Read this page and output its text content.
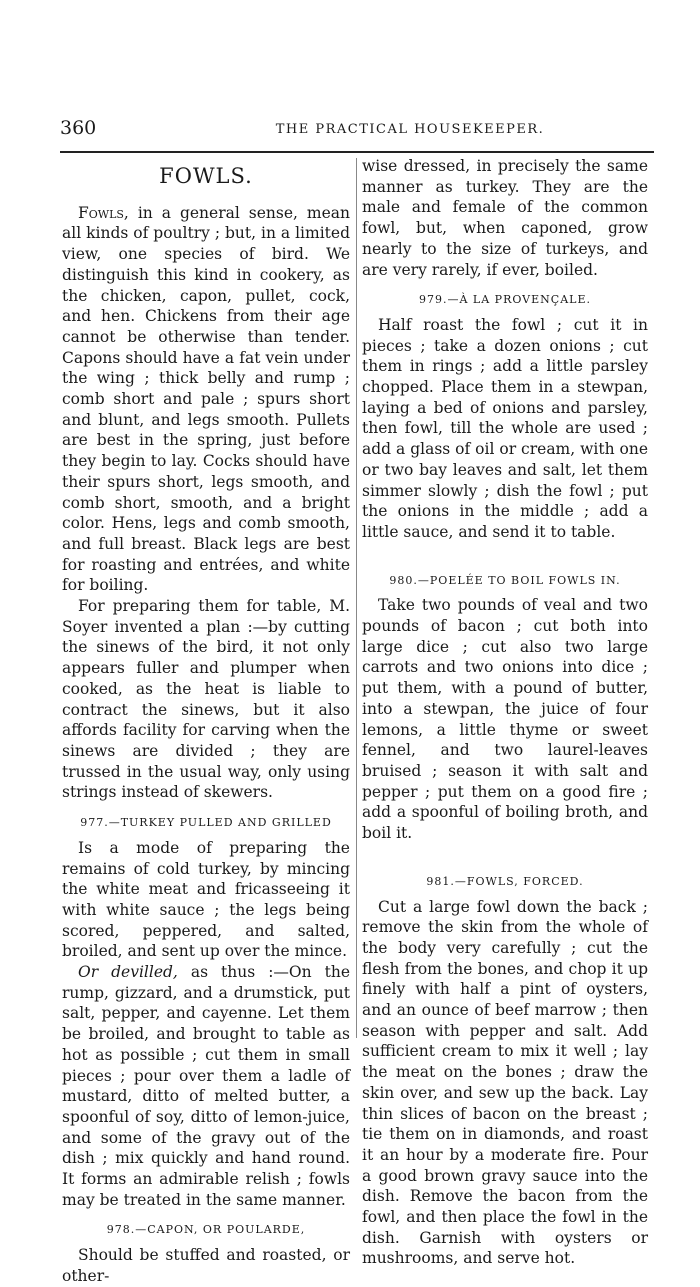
360	THE PRACTICAL HOUSEKEEPER.
FOWLS.

Fowls, in a general sense, mean all kinds of poultry ; but, in a limited view, one species of bird. We distinguish this kind in cookery, as the chicken, capon, pullet, cock, and hen. Chickens from their age cannot be otherwise than tender. Capons should have a fat vein under the wing ; thick belly and rump ; comb short and pale ; spurs short and blunt, and legs smooth. Pullets are best in the spring, just before they begin to lay. Cocks should have their spurs short, legs smooth, and comb short, smooth, and a bright color. Hens, legs and comb smooth, and full breast. Black legs are best for roasting and entrées, and white for boiling.

For preparing them for table, M. Soyer invented a plan :—by cutting the sinews of the bird, it not only appears fuller and plumper when cooked, as the heat is liable to contract the sinews, but it also affords facility for carving when the sinews are divided ; they are trussed in the usual way, only using strings instead of skewers.

977.—TURKEY PULLED AND GRILLED

Is a mode of preparing the remains of cold turkey, by mincing the white meat and fricasseeing it with white sauce ; the legs being scored, peppered, and salted, broiled, and sent up over the mince.

Or devilled, as thus :—On the rump, gizzard, and a drumstick, put salt, pepper, and cayenne. Let them be broiled, and brought to table as hot as possible ; cut them in small pieces ; pour over them a ladle of mustard, ditto of melted butter, a spoonful of soy, ditto of lemon-juice, and some of the gravy out of the dish ; mix quickly and hand round. It forms an admirable relish ; fowls may be treated in the same manner.

978.—CAPON, OR POULARDE,

Should be stuffed and roasted, or other-

wise dressed, in precisely the same manner as turkey. They are the male and female of the common fowl, but, when caponed, grow nearly to the size of turkeys, and are very rarely, if ever, boiled.

979.—À LA PROVENÇALE.

Half roast the fowl ; cut it in pieces ; take a dozen onions ; cut them in rings ; add a little parsley chopped. Place them in a stewpan, laying a bed of onions and parsley, then fowl, till the whole are used ; add a glass of oil or cream, with one or two bay leaves and salt, let them simmer slowly ; dish the fowl ; put the onions in the middle ; add a little sauce, and send it to table.

980.—POELÉE TO BOIL FOWLS IN.

Take two pounds of veal and two pounds of bacon ; cut both into large dice ; cut also two large carrots and two onions into dice ; put them, with a pound of butter, into a stewpan, the juice of four lemons, a little thyme or sweet fennel, and two laurel-leaves bruised ; season it with salt and pepper ; put them on a good fire ; add a spoonful of boiling broth, and boil it.

981.—FOWLS, FORCED.

Cut a large fowl down the back ; remove the skin from the whole of the body very carefully ; cut the flesh from the bones, and chop it up finely with half a pint of oysters, and an ounce of beef marrow ; then season with pepper and salt. Add sufficient cream to mix it well ; lay the meat on the bones ; draw the skin over, and sew up the back. Lay thin slices of bacon on the breast ; tie them on in diamonds, and roast it an hour by a moderate fire. Pour a good brown gravy sauce into the dish. Remove the bacon from the fowl, and then place the fowl in the dish. Garnish with oysters or mushrooms, and serve hot.
